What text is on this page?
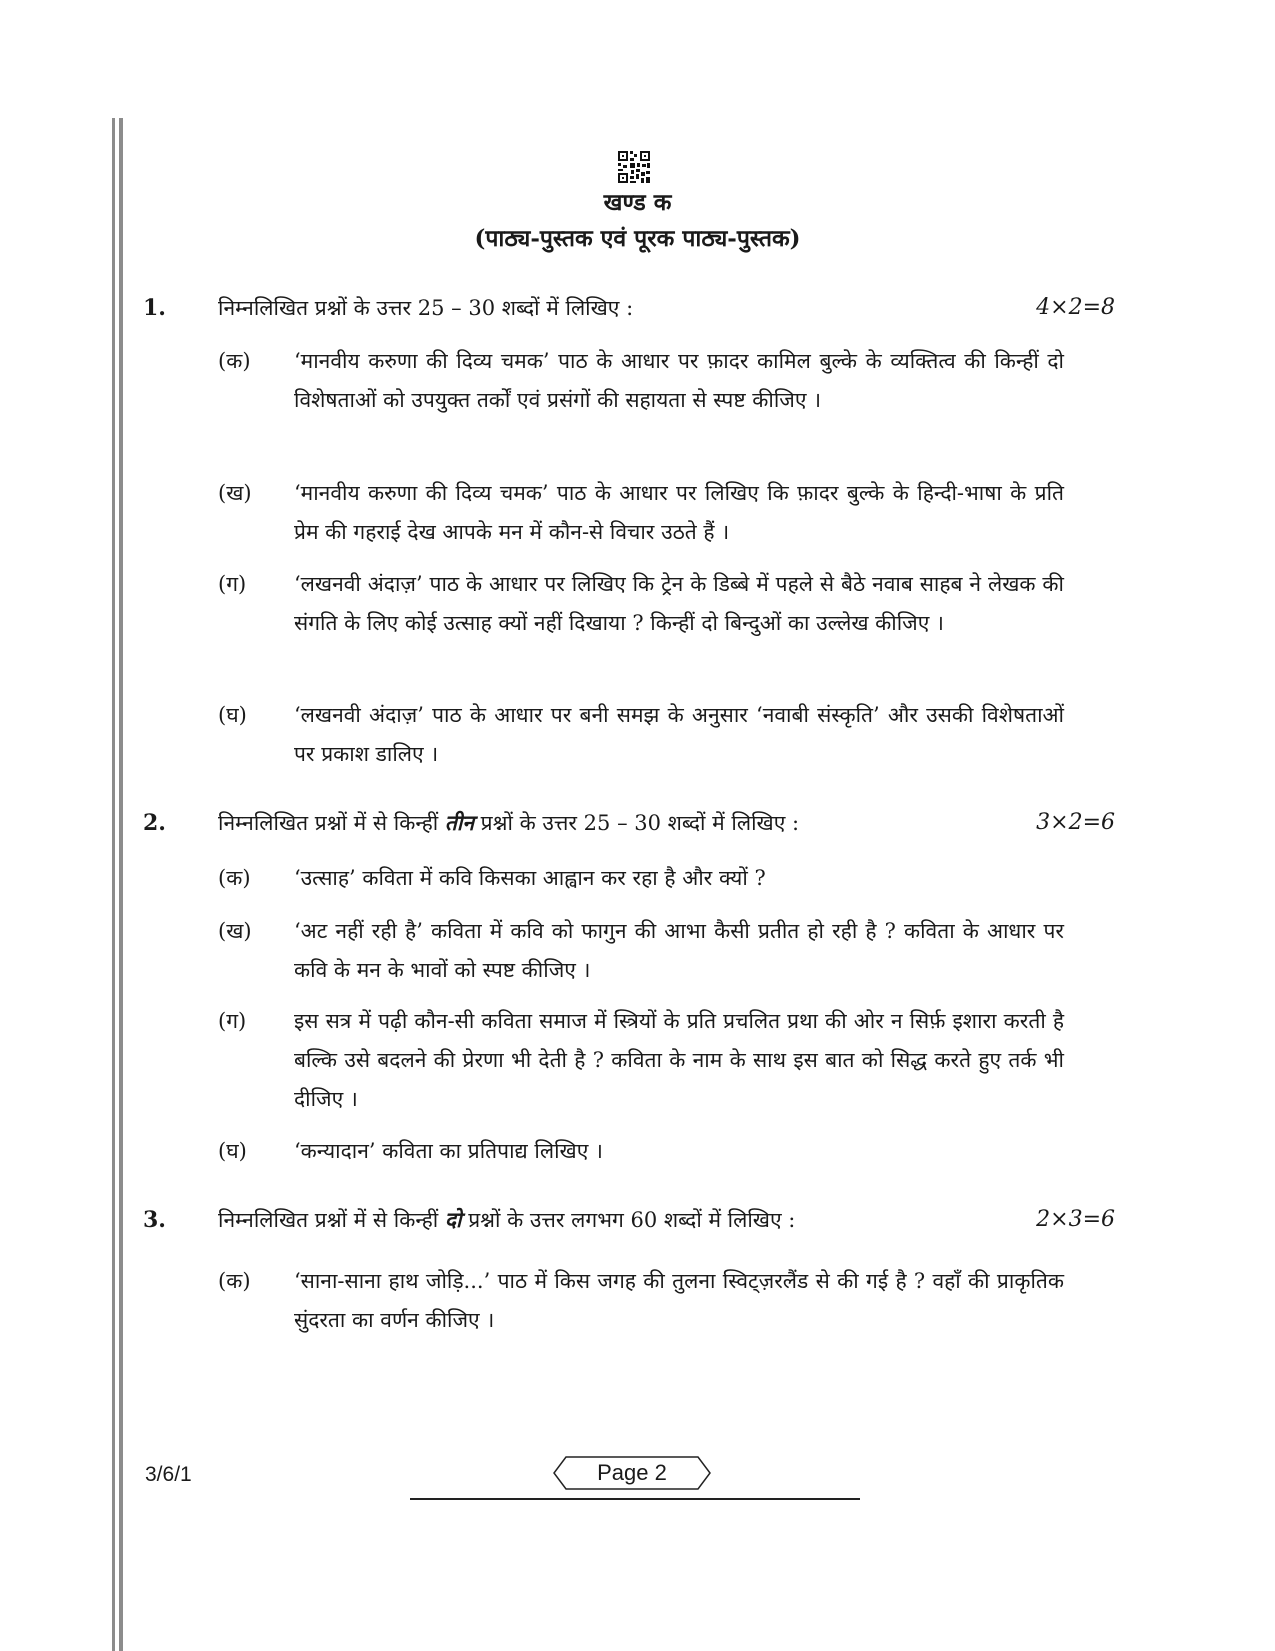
खण्ड क
(पाठ्य-पुस्तक एवं पूरक पाठ्य-पुस्तक)
1. निम्नलिखित प्रश्नों के उत्तर 25 – 30 शब्दों में लिखिए :	4×2=8
(क) ‘मानवीय करुणा की दिव्य चमक’ पाठ के आधार पर फ़ादर कामिल बुल्के के व्यक्तित्व की किन्हीं दो विशेषताओं को उपयुक्त तर्कों एवं प्रसंगों की सहायता से स्पष्ट कीजिए ।
(ख) ‘मानवीय करुणा की दिव्य चमक’ पाठ के आधार पर लिखिए कि फ़ादर बुल्के के हिन्दी-भाषा के प्रति प्रेम की गहराई देख आपके मन में कौन-से विचार उठते हैं ।
(ग) ‘लखनवी अंदाज़’ पाठ के आधार पर लिखिए कि ट्रेन के डिब्बे में पहले से बैठे नवाब साहब ने लेखक की संगति के लिए कोई उत्साह क्यों नहीं दिखाया ? किन्हीं दो बिन्दुओं का उल्लेख कीजिए ।
(घ) ‘लखनवी अंदाज़’ पाठ के आधार पर बनी समझ के अनुसार ‘नवाबी संस्कृति’ और उसकी विशेषताओं पर प्रकाश डालिए ।
2. निम्नलिखित प्रश्नों में से किन्हीं तीन प्रश्नों के उत्तर 25 – 30 शब्दों में लिखिए :	3×2=6
(क) ‘उत्साह’ कविता में कवि किसका आह्वान कर रहा है और क्यों ?
(ख) ‘अट नहीं रही है’ कविता में कवि को फागुन की आभा कैसी प्रतीत हो रही है ? कविता के आधार पर कवि के मन के भावों को स्पष्ट कीजिए ।
(ग) इस सत्र में पढ़ी कौन-सी कविता समाज में स्त्रियों के प्रति प्रचलित प्रथा की ओर न सिर्फ़ इशारा करती है बल्कि उसे बदलने की प्रेरणा भी देती है ? कविता के नाम के साथ इस बात को सिद्ध करते हुए तर्क भी दीजिए ।
(घ) ‘कन्यादान’ कविता का प्रतिपाद्य लिखिए ।
3. निम्नलिखित प्रश्नों में से किन्हीं दो प्रश्नों के उत्तर लगभग 60 शब्दों में लिखिए :	2×3=6
(क) ‘साना-साना हाथ जोड़ि...’ पाठ में किस जगह की तुलना स्विट्ज़रलैंड से की गई है ? वहाँ की प्राकृतिक सुंदरता का वर्णन कीजिए ।
3/6/1	Page 2
